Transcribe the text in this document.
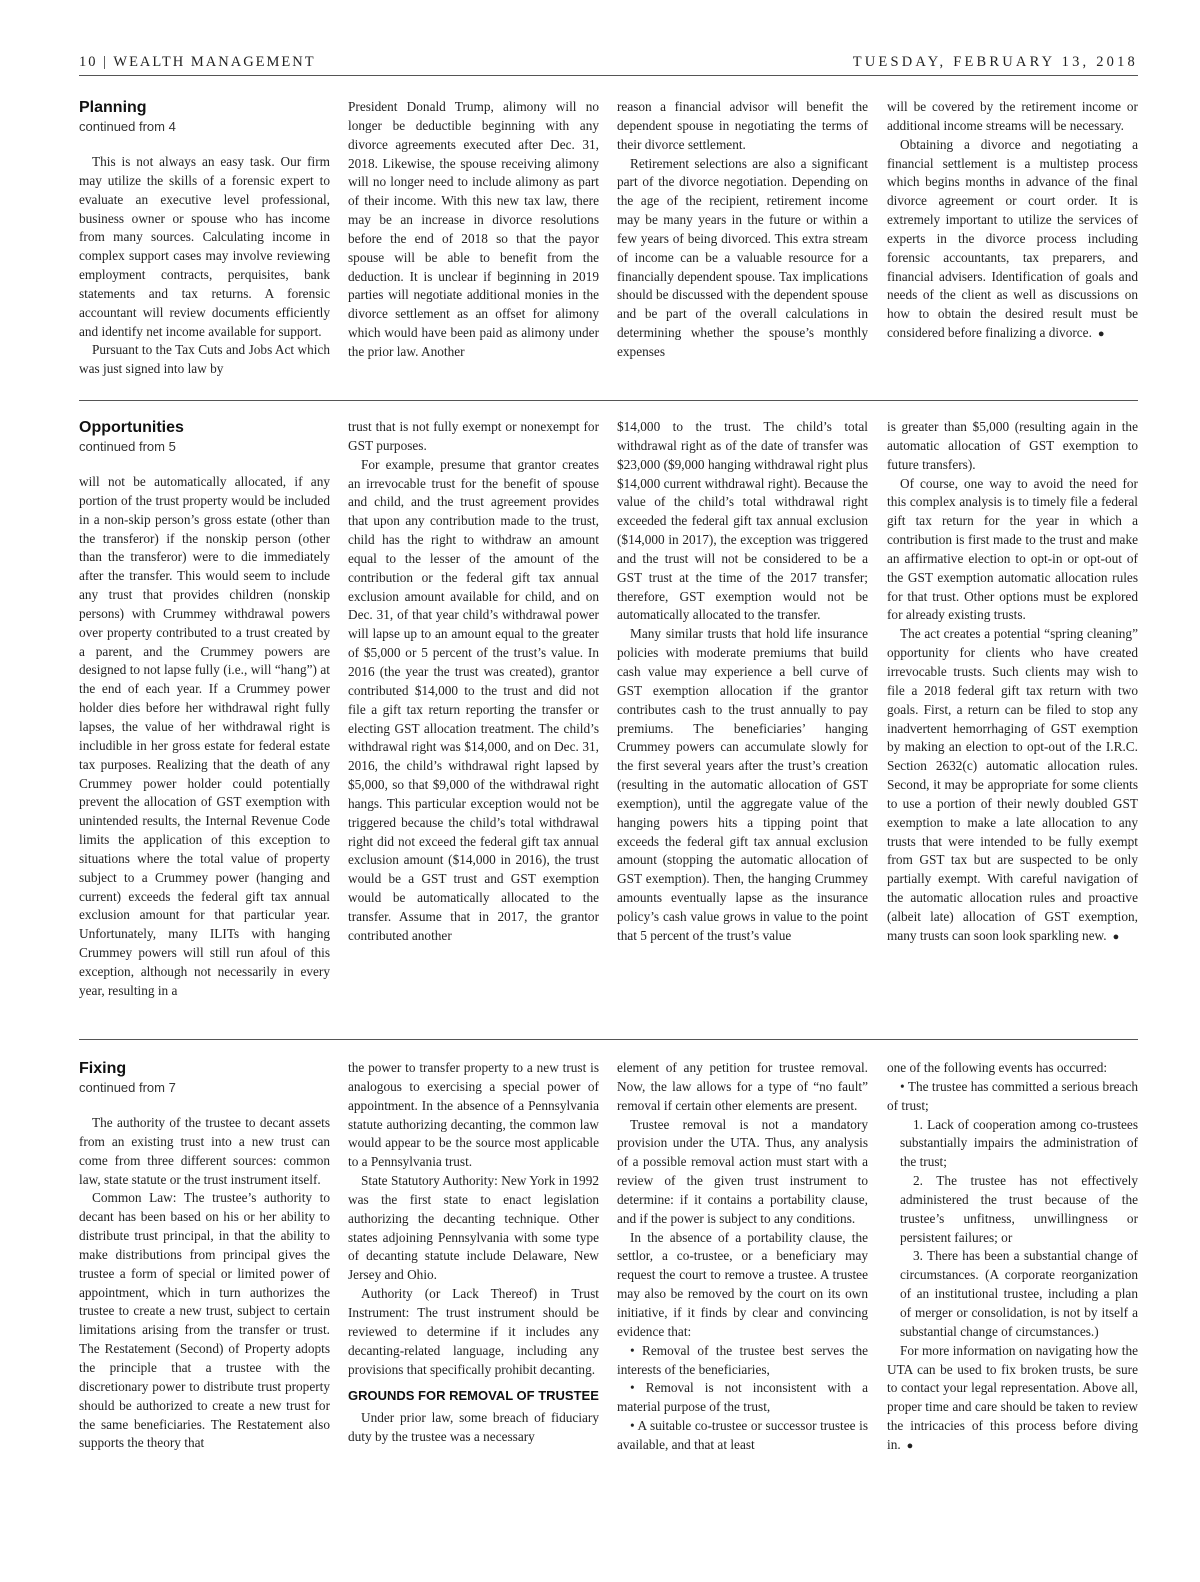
10 | WEALTH MANAGEMENT	TUESDAY, FEBRUARY 13, 2018
Planning
continued from 4

This is not always an easy task. Our firm may utilize the skills of a forensic expert to evaluate an executive level professional, business owner or spouse who has income from many sources. Calculating income in complex support cases may involve reviewing employment contracts, perquisites, bank statements and tax returns. A forensic accountant will review documents efficiently and identify net income available for support.

Pursuant to the Tax Cuts and Jobs Act which was just signed into law by

President Donald Trump, alimony will no longer be deductible beginning with any divorce agreements executed after Dec. 31, 2018. Likewise, the spouse receiving alimony will no longer need to include alimony as part of their income. With this new tax law, there may be an increase in divorce resolutions before the end of 2018 so that the payor spouse will be able to benefit from the deduction. It is unclear if beginning in 2019 parties will negotiate additional monies in the divorce settlement as an offset for alimony which would have been paid as alimony under the prior law. Another

reason a financial advisor will benefit the dependent spouse in negotiating the terms of their divorce settlement.

Retirement selections are also a significant part of the divorce negotiation. Depending on the age of the recipient, retirement income may be many years in the future or within a few years of being divorced. This extra stream of income can be a valuable resource for a financially dependent spouse. Tax implications should be discussed with the dependent spouse and be part of the overall calculations in determining whether the spouse’s monthly expenses

will be covered by the retirement income or additional income streams will be necessary.

Obtaining a divorce and negotiating a financial settlement is a multistep process which begins months in advance of the final divorce agreement or court order. It is extremely important to utilize the services of experts in the divorce process including forensic accountants, tax preparers, and financial advisers. Identification of goals and needs of the client as well as discussions on how to obtain the desired result must be considered before finalizing a divorce. ●

Opportunities
continued from 5

will not be automatically allocated, if any portion of the trust property would be included in a non-skip person’s gross estate (other than the transferor) if the nonskip person (other than the transferor) were to die immediately after the transfer. This would seem to include any trust that provides children (nonskip persons) with Crummey withdrawal powers over property contributed to a trust created by a parent, and the Crummey powers are designed to not lapse fully (i.e., will “hang”) at the end of each year. If a Crummey power holder dies before her withdrawal right fully lapses, the value of her withdrawal right is includible in her gross estate for federal estate tax purposes. Realizing that the death of any Crummey power holder could potentially prevent the allocation of GST exemption with unintended results, the Internal Revenue Code limits the application of this exception to situations where the total value of property subject to a Crummey power (hanging and current) exceeds the federal gift tax annual exclusion amount for that particular year. Unfortunately, many ILITs with hanging Crummey powers will still run afoul of this exception, although not necessarily in every year, resulting in a

trust that is not fully exempt or nonexempt for GST purposes.

For example, presume that grantor creates an irrevocable trust for the benefit of spouse and child, and the trust agreement provides that upon any contribution made to the trust, child has the right to withdraw an amount equal to the lesser of the amount of the contribution or the federal gift tax annual exclusion amount available for child, and on Dec. 31, of that year child’s withdrawal power will lapse up to an amount equal to the greater of $5,000 or 5 percent of the trust’s value. In 2016 (the year the trust was created), grantor contributed $14,000 to the trust and did not file a gift tax return reporting the transfer or electing GST allocation treatment. The child’s withdrawal right was $14,000, and on Dec. 31, 2016, the child’s withdrawal right lapsed by $5,000, so that $9,000 of the withdrawal right hangs. This particular exception would not be triggered because the child’s total withdrawal right did not exceed the federal gift tax annual exclusion amount ($14,000 in 2016), the trust would be a GST trust and GST exemption would be automatically allocated to the transfer. Assume that in 2017, the grantor contributed another

$14,000 to the trust. The child’s total withdrawal right as of the date of transfer was $23,000 ($9,000 hanging withdrawal right plus $14,000 current withdrawal right). Because the value of the child’s total withdrawal right exceeded the federal gift tax annual exclusion ($14,000 in 2017), the exception was triggered and the trust will not be considered to be a GST trust at the time of the 2017 transfer; therefore, GST exemption would not be automatically allocated to the transfer.

Many similar trusts that hold life insurance policies with moderate premiums that build cash value may experience a bell curve of GST exemption allocation if the grantor contributes cash to the trust annually to pay premiums. The beneficiaries’ hanging Crummey powers can accumulate slowly for the first several years after the trust’s creation (resulting in the automatic allocation of GST exemption), until the aggregate value of the hanging powers hits a tipping point that exceeds the federal gift tax annual exclusion amount (stopping the automatic allocation of GST exemption). Then, the hanging Crummey amounts eventually lapse as the insurance policy’s cash value grows in value to the point that 5 percent of the trust’s value

is greater than $5,000 (resulting again in the automatic allocation of GST exemption to future transfers).

Of course, one way to avoid the need for this complex analysis is to timely file a federal gift tax return for the year in which a contribution is first made to the trust and make an affirmative election to opt-in or opt-out of the GST exemption automatic allocation rules for that trust. Other options must be explored for already existing trusts.

The act creates a potential “spring cleaning” opportunity for clients who have created irrevocable trusts. Such clients may wish to file a 2018 federal gift tax return with two goals. First, a return can be filed to stop any inadvertent hemorrhaging of GST exemption by making an election to opt-out of the I.R.C. Section 2632(c) automatic allocation rules. Second, it may be appropriate for some clients to use a portion of their newly doubled GST exemption to make a late allocation to any trusts that were intended to be fully exempt from GST tax but are suspected to be only partially exempt. With careful navigation of the automatic allocation rules and proactive (albeit late) allocation of GST exemption, many trusts can soon look sparkling new. ●

Fixing
continued from 7

The authority of the trustee to decant assets from an existing trust into a new trust can come from three different sources: common law, state statute or the trust instrument itself.

Common Law: The trustee’s authority to decant has been based on his or her ability to distribute trust principal, in that the ability to make distributions from principal gives the trustee a form of special or limited power of appointment, which in turn authorizes the trustee to create a new trust, subject to certain limitations arising from the transfer or trust. The Restatement (Second) of Property adopts the principle that a trustee with the discretionary power to distribute trust property should be authorized to create a new trust for the same beneficiaries. The Restatement also supports the theory that

the power to transfer property to a new trust is analogous to exercising a special power of appointment. In the absence of a Pennsylvania statute authorizing decanting, the common law would appear to be the source most applicable to a Pennsylvania trust.

State Statutory Authority: New York in 1992 was the first state to enact legislation authorizing the decanting technique. Other states adjoining Pennsylvania with some type of decanting statute include Delaware, New Jersey and Ohio.

Authority (or Lack Thereof) in Trust Instrument: The trust instrument should be reviewed to determine if it includes any decanting-related language, including any provisions that specifically prohibit decanting.

GROUNDS FOR REMOVAL OF TRUSTEE

Under prior law, some breach of fiduciary duty by the trustee was a necessary

element of any petition for trustee removal. Now, the law allows for a type of “no fault” removal if certain other elements are present.

Trustee removal is not a mandatory provision under the UTA. Thus, any analysis of a possible removal action must start with a review of the given trust instrument to determine: if it contains a portability clause, and if the power is subject to any conditions.

In the absence of a portability clause, the settlor, a co-trustee, or a beneficiary may request the court to remove a trustee. A trustee may also be removed by the court on its own initiative, if it finds by clear and convincing evidence that:

• Removal of the trustee best serves the interests of the beneficiaries,

• Removal is not inconsistent with a material purpose of the trust,

• A suitable co-trustee or successor trustee is available, and that at least

one of the following events has occurred:

• The trustee has committed a serious breach of trust;

1. Lack of cooperation among co-trustees substantially impairs the administration of the trust;

2. The trustee has not effectively administered the trust because of the trustee’s unfitness, unwillingness or persistent failures; or

3. There has been a substantial change of circumstances. (A corporate reorganization of an institutional trustee, including a plan of merger or consolidation, is not by itself a substantial change of circumstances.)

For more information on navigating how the UTA can be used to fix broken trusts, be sure to contact your legal representation. Above all, proper time and care should be taken to review the intricacies of this process before diving in. ●
